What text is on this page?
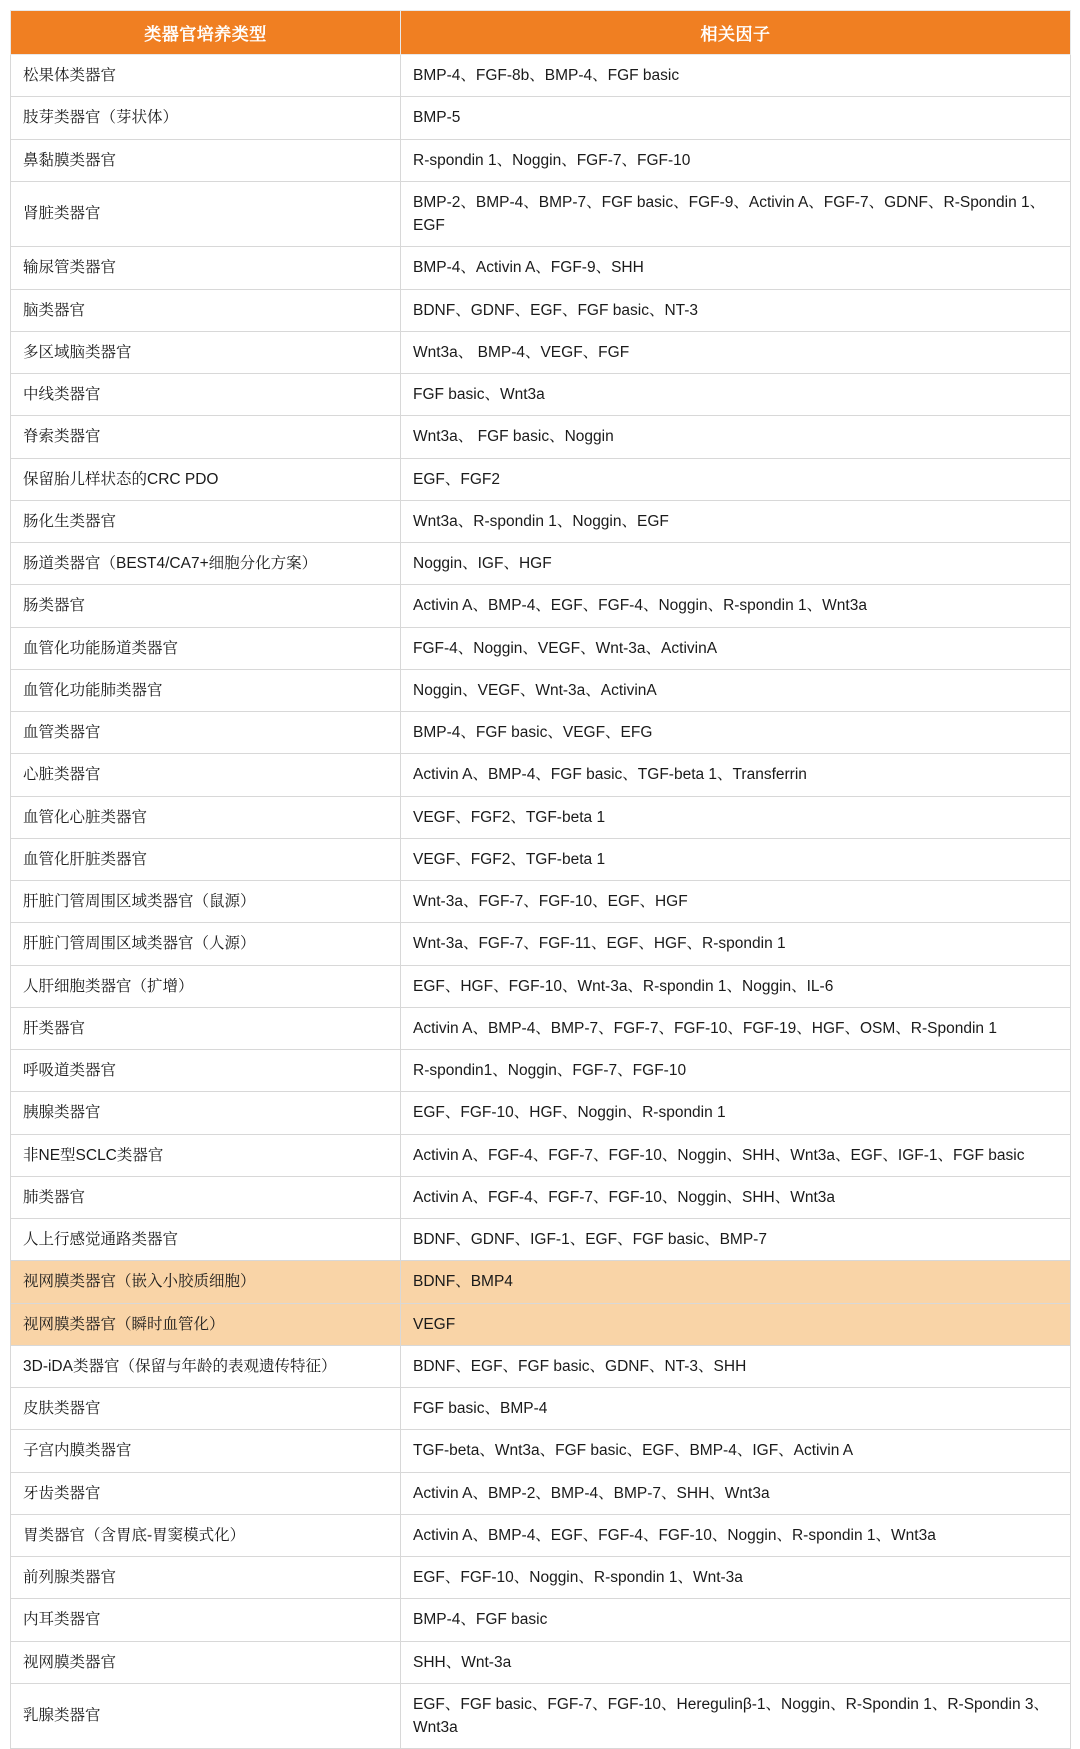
类器官培养类型	相关因子
松果体类器官	BMP-4、FGF-8b、BMP-4、FGF basic
肢芽类器官（芽状体）	BMP-5
鼻黏膜类器官	R-spondin 1、Noggin、FGF-7、FGF-10
肾脏类器官	BMP-2、BMP-4、BMP-7、FGF basic、FGF-9、Activin A、FGF-7、GDNF、R-Spondin 1、EGF
输尿管类器官	BMP-4、Activin A、FGF-9、SHH
脑类器官	BDNF、GDNF、EGF、FGF basic、NT-3
多区域脑类器官	Wnt3a、 BMP-4、VEGF、FGF
中线类器官	FGF basic、Wnt3a
脊索类器官	Wnt3a、 FGF basic、Noggin
保留胎儿样状态的CRC PDO	EGF、FGF2
肠化生类器官	Wnt3a、R-spondin 1、Noggin、EGF
肠道类器官（BEST4/CA7+细胞分化方案）	Noggin、IGF、HGF
肠类器官	Activin A、BMP-4、EGF、FGF-4、Noggin、R-spondin 1、Wnt3a
血管化功能肠道类器官	FGF-4、Noggin、VEGF、Wnt-3a、ActivinA
血管化功能肺类器官	Noggin、VEGF、Wnt-3a、ActivinA
血管类器官	BMP-4、FGF basic、VEGF、EFG
心脏类器官	Activin A、BMP-4、FGF basic、TGF-beta 1、Transferrin
血管化心脏类器官	VEGF、FGF2、TGF-beta 1
血管化肝脏类器官	VEGF、FGF2、TGF-beta 1
肝脏门管周围区域类器官（鼠源）	Wnt-3a、FGF-7、FGF-10、EGF、HGF
肝脏门管周围区域类器官（人源）	Wnt-3a、FGF-7、FGF-11、EGF、HGF、R-spondin 1
人肝细胞类器官（扩增）	EGF、HGF、FGF-10、Wnt-3a、R-spondin 1、Noggin、IL-6
肝类器官	Activin A、BMP-4、BMP-7、FGF-7、FGF-10、FGF-19、HGF、OSM、R-Spondin 1
呼吸道类器官	R-spondin1、Noggin、FGF-7、FGF-10
胰腺类器官	EGF、FGF-10、HGF、Noggin、R-spondin 1
非NE型SCLC类器官	Activin A、FGF-4、FGF-7、FGF-10、Noggin、SHH、Wnt3a、EGF、IGF-1、FGF basic
肺类器官	Activin A、FGF-4、FGF-7、FGF-10、Noggin、SHH、Wnt3a
人上行感觉通路类器官	BDNF、GDNF、IGF-1、EGF、FGF basic、BMP-7
视网膜类器官（嵌入小胶质细胞）	BDNF、BMP4
视网膜类器官（瞬时血管化）	VEGF
3D-iDA类器官（保留与年龄的表观遗传特征）	BDNF、EGF、FGF basic、GDNF、NT-3、SHH
皮肤类器官	FGF basic、BMP-4
子宫内膜类器官	TGF-beta、Wnt3a、FGF basic、EGF、BMP-4、IGF、Activin A
牙齿类器官	Activin A、BMP-2、BMP-4、BMP-7、SHH、Wnt3a
胃类器官（含胃底-胃窦模式化）	Activin A、BMP-4、EGF、FGF-4、FGF-10、Noggin、R-spondin 1、Wnt3a
前列腺类器官	EGF、FGF-10、Noggin、R-spondin 1、Wnt-3a
内耳类器官	BMP-4、FGF basic
视网膜类器官	SHH、Wnt-3a
乳腺类器官	EGF、FGF basic、FGF-7、FGF-10、Heregulinβ-1、Noggin、R-Spondin 1、R-Spondin 3、Wnt3a
